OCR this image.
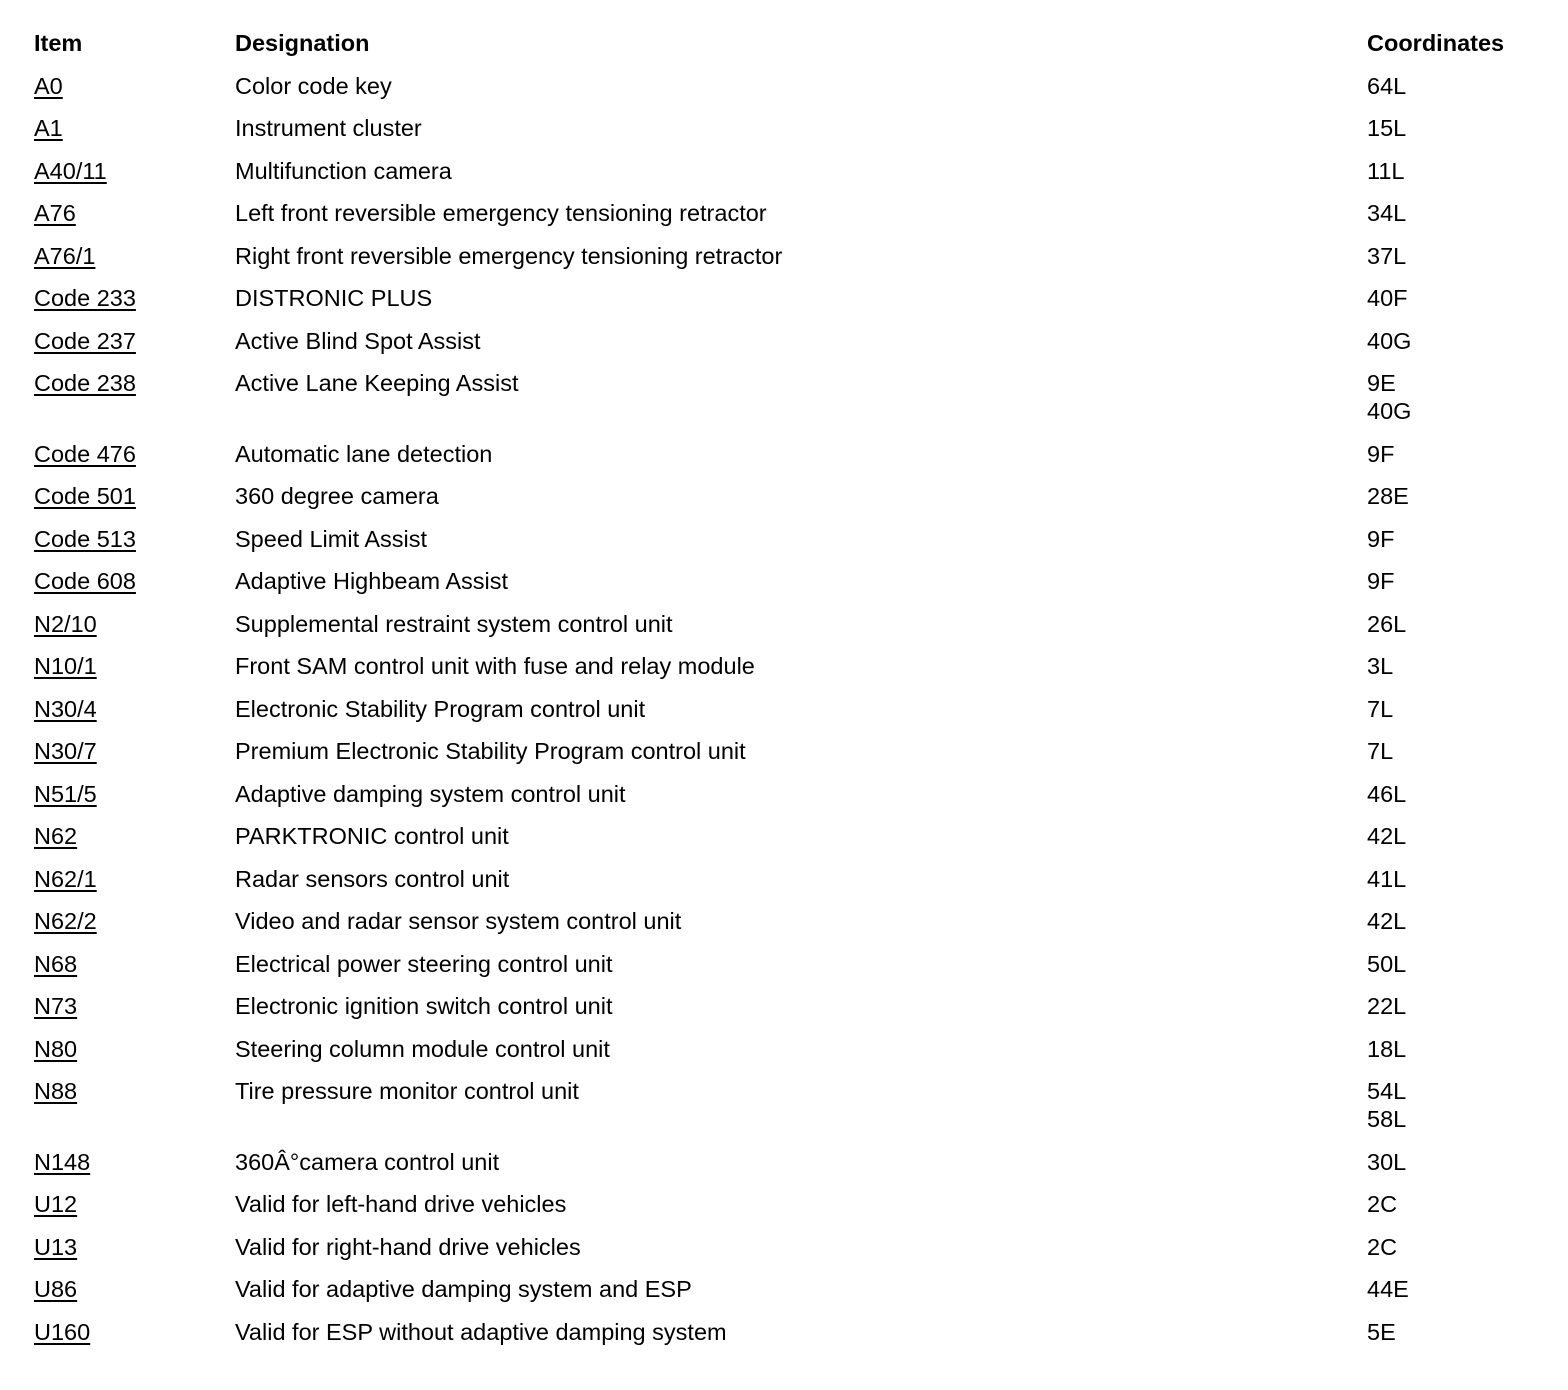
Item	Designation	Coordinates
A0	Color code key	64L
A1	Instrument cluster	15L
A40/11	Multifunction camera	11L
A76	Left front reversible emergency tensioning retractor	34L
A76/1	Right front reversible emergency tensioning retractor	37L
Code 233	DISTRONIC PLUS	40F
Code 237	Active Blind Spot Assist	40G
Code 238	Active Lane Keeping Assist	9E
40G
Code 476	Automatic lane detection	9F
Code 501	360 degree camera	28E
Code 513	Speed Limit Assist	9F
Code 608	Adaptive Highbeam Assist	9F
N2/10	Supplemental restraint system control unit	26L
N10/1	Front SAM control unit with fuse and relay module	3L
N30/4	Electronic Stability Program control unit	7L
N30/7	Premium Electronic Stability Program control unit	7L
N51/5	Adaptive damping system control unit	46L
N62	PARKTRONIC control unit	42L
N62/1	Radar sensors control unit	41L
N62/2	Video and radar sensor system control unit	42L
N68	Electrical power steering control unit	50L
N73	Electronic ignition switch control unit	22L
N80	Steering column module control unit	18L
N88	Tire pressure monitor control unit	54L
58L
N148	360Â°camera control unit	30L
U12	Valid for left-hand drive vehicles	2C
U13	Valid for right-hand drive vehicles	2C
U86	Valid for adaptive damping system and ESP	44E
U160	Valid for ESP without adaptive damping system	5E
